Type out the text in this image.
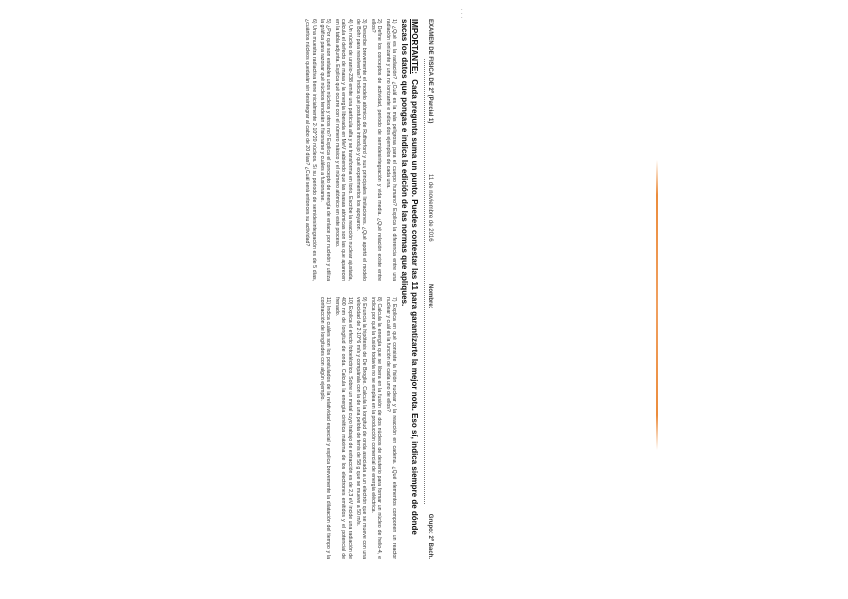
· · ·
EXAMEN DE FISICA DE 2º (Parcial 1)
11 de noviembre de 2016
Nombre:
Grupo: 2º Bach.
IMPORTANTE: Cada pregunta suma un punto. Puedes contestar las 11 para garantizarte la mejor nota. Eso sí, indica siempre de dónde sacas los datos que pongas e indica la edición de las normas que apliques.

1) ¿Qué es la radiación? ¿Cuál es la más peligrosa para el cuerpo humano? Explica la diferencia entre una radiación ionizante y una no ionizante e indica dos ejemplos de cada una.

2) Define los conceptos de actividad, periodo de semidesintegración y vida media. ¿Qué relación existe entre ellos?

3) Describe brevemente el modelo atómico de Rutherford y sus principales limitaciones. ¿Qué aportó el modelo de Bohr para resolverlas? Indica qué postulados introdujo y qué experimentos los apoyaron.

4) Un núcleo de uranio-238 emite una partícula alfa y se transforma en torio. Escribe la reacción nuclear ajustada, calcula el defecto de masa y la energía liberada en MeV sabiendo que las masas atómicas son las que aparecen en la tabla adjunta. Explica qué ocurre con el número másico y el número atómico en este proceso.

5) ¿Por qué son estables unos núcleos y otros no? Explica el concepto de energía de enlace por nucleón y utiliza la gráfica para razonar qué núcleos tenderán a fisionarse y cuáles a fusionarse.

6) Una muestra radiactiva tiene inicialmente 2·10^20 núcleos. Si su periodo de semidesintegración es de 5 días, ¿cuántos núcleos quedarán sin desintegrar al cabo de 20 días? ¿Cuál será entonces su actividad?

7) Explica en qué consiste la fisión nuclear y la reacción en cadena. ¿Qué elementos componen un reactor nuclear y cuál es la función de cada uno de ellos?

8) Calcula la energía que se libera en la fusión de dos núcleos de deuterio para formar un núcleo de helio-4, e indica por qué la fusión todavía no se emplea en la producción comercial de energía eléctrica.

9) Enuncia la hipótesis de De Broglie. Calcula la longitud de onda asociada a un electrón que se mueve con una velocidad de 2·10^6 m/s y compárala con la de una pelota de tenis de 58 g que se mueve a 50 m/s.

10) Explica el efecto fotoeléctrico. Sobre un metal cuyo trabajo de extracción es de 2,3 eV incide una radiación de 400 nm de longitud de onda. Calcula la energía cinética máxima de los electrones emitidos y el potencial de frenado.

11) Indica cuáles son los postulados de la relatividad especial y explica brevemente la dilatación del tiempo y la contracción de longitudes con algún ejemplo.
